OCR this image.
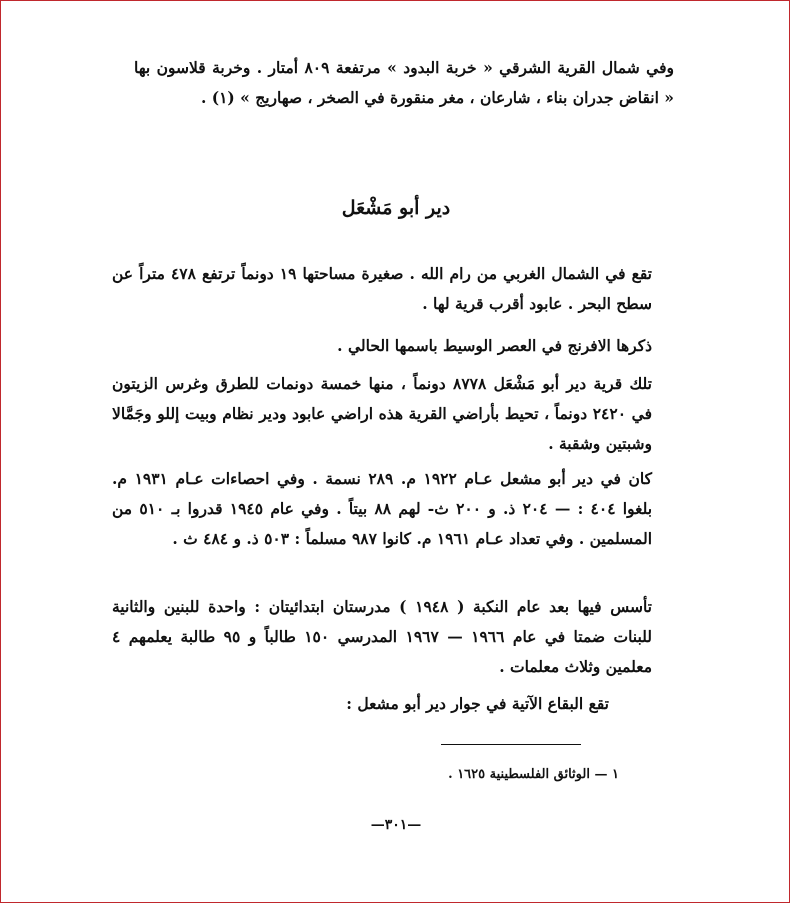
وفي شمال القرية الشرقي « خربة البدود » مرتفعة ٨٠٩ أمتار . وخربة قلاسون بها « انقاض جدران بناء ، شارعان ، مغر منقورة في الصخر ، صهاريج » (١) .

دير أبو مَشْعَل

تقع في الشمال الغربي من رام الله . صغيرة مساحتها ١٩ دونماً ترتفع ٤٧٨ متراً عن سطح البحر . عابود أقرب قرية لها .

ذكرها الافرنج في العصر الوسيط باسمها الحالي .

تلك قرية دير أبو مَشْعَل ٨٧٧٨ دونماً ، منها خمسة دونمات للطرق وغرس الزيتون في ٢٤٢٠ دونماً ، تحيط بأراضي القرية هذه اراضي عابود ودير نظام وبيت إللو وجَمَّالا وشبتين وشقبة .

كان في دير أبو مشعل عـام ١٩٢٢ م. ٢٨٩ نسمة . وفي احصاءات عـام ١٩٣١ م. بلغوا ٤٠٤ : — ٢٠٤ ذ. و ٢٠٠ ث- لهم ٨٨ بيتاً . وفي عام ١٩٤٥ قدروا بـ ٥١٠ من المسلمين . وفي تعداد عـام ١٩٦١ م. كانوا ٩٨٧ مسلماً : ٥٠٣ ذ. و ٤٨٤ ث .

تأسس فيها بعد عام النكبة ( ١٩٤٨ ) مدرستان ابتدائيتان : واحدة للبنين والثانية للبنات ضمتا في عام ١٩٦٦ — ١٩٦٧ المدرسي ١٥٠ طالباً و ٩٥ طالبة يعلمهم ٤ معلمين وثلاث معلمات .

تقع البقاع الآتية في جوار دير أبو مشعل :

١ — الوثائق الفلسطينية ١٦٢٥ .
—٣٠١—
